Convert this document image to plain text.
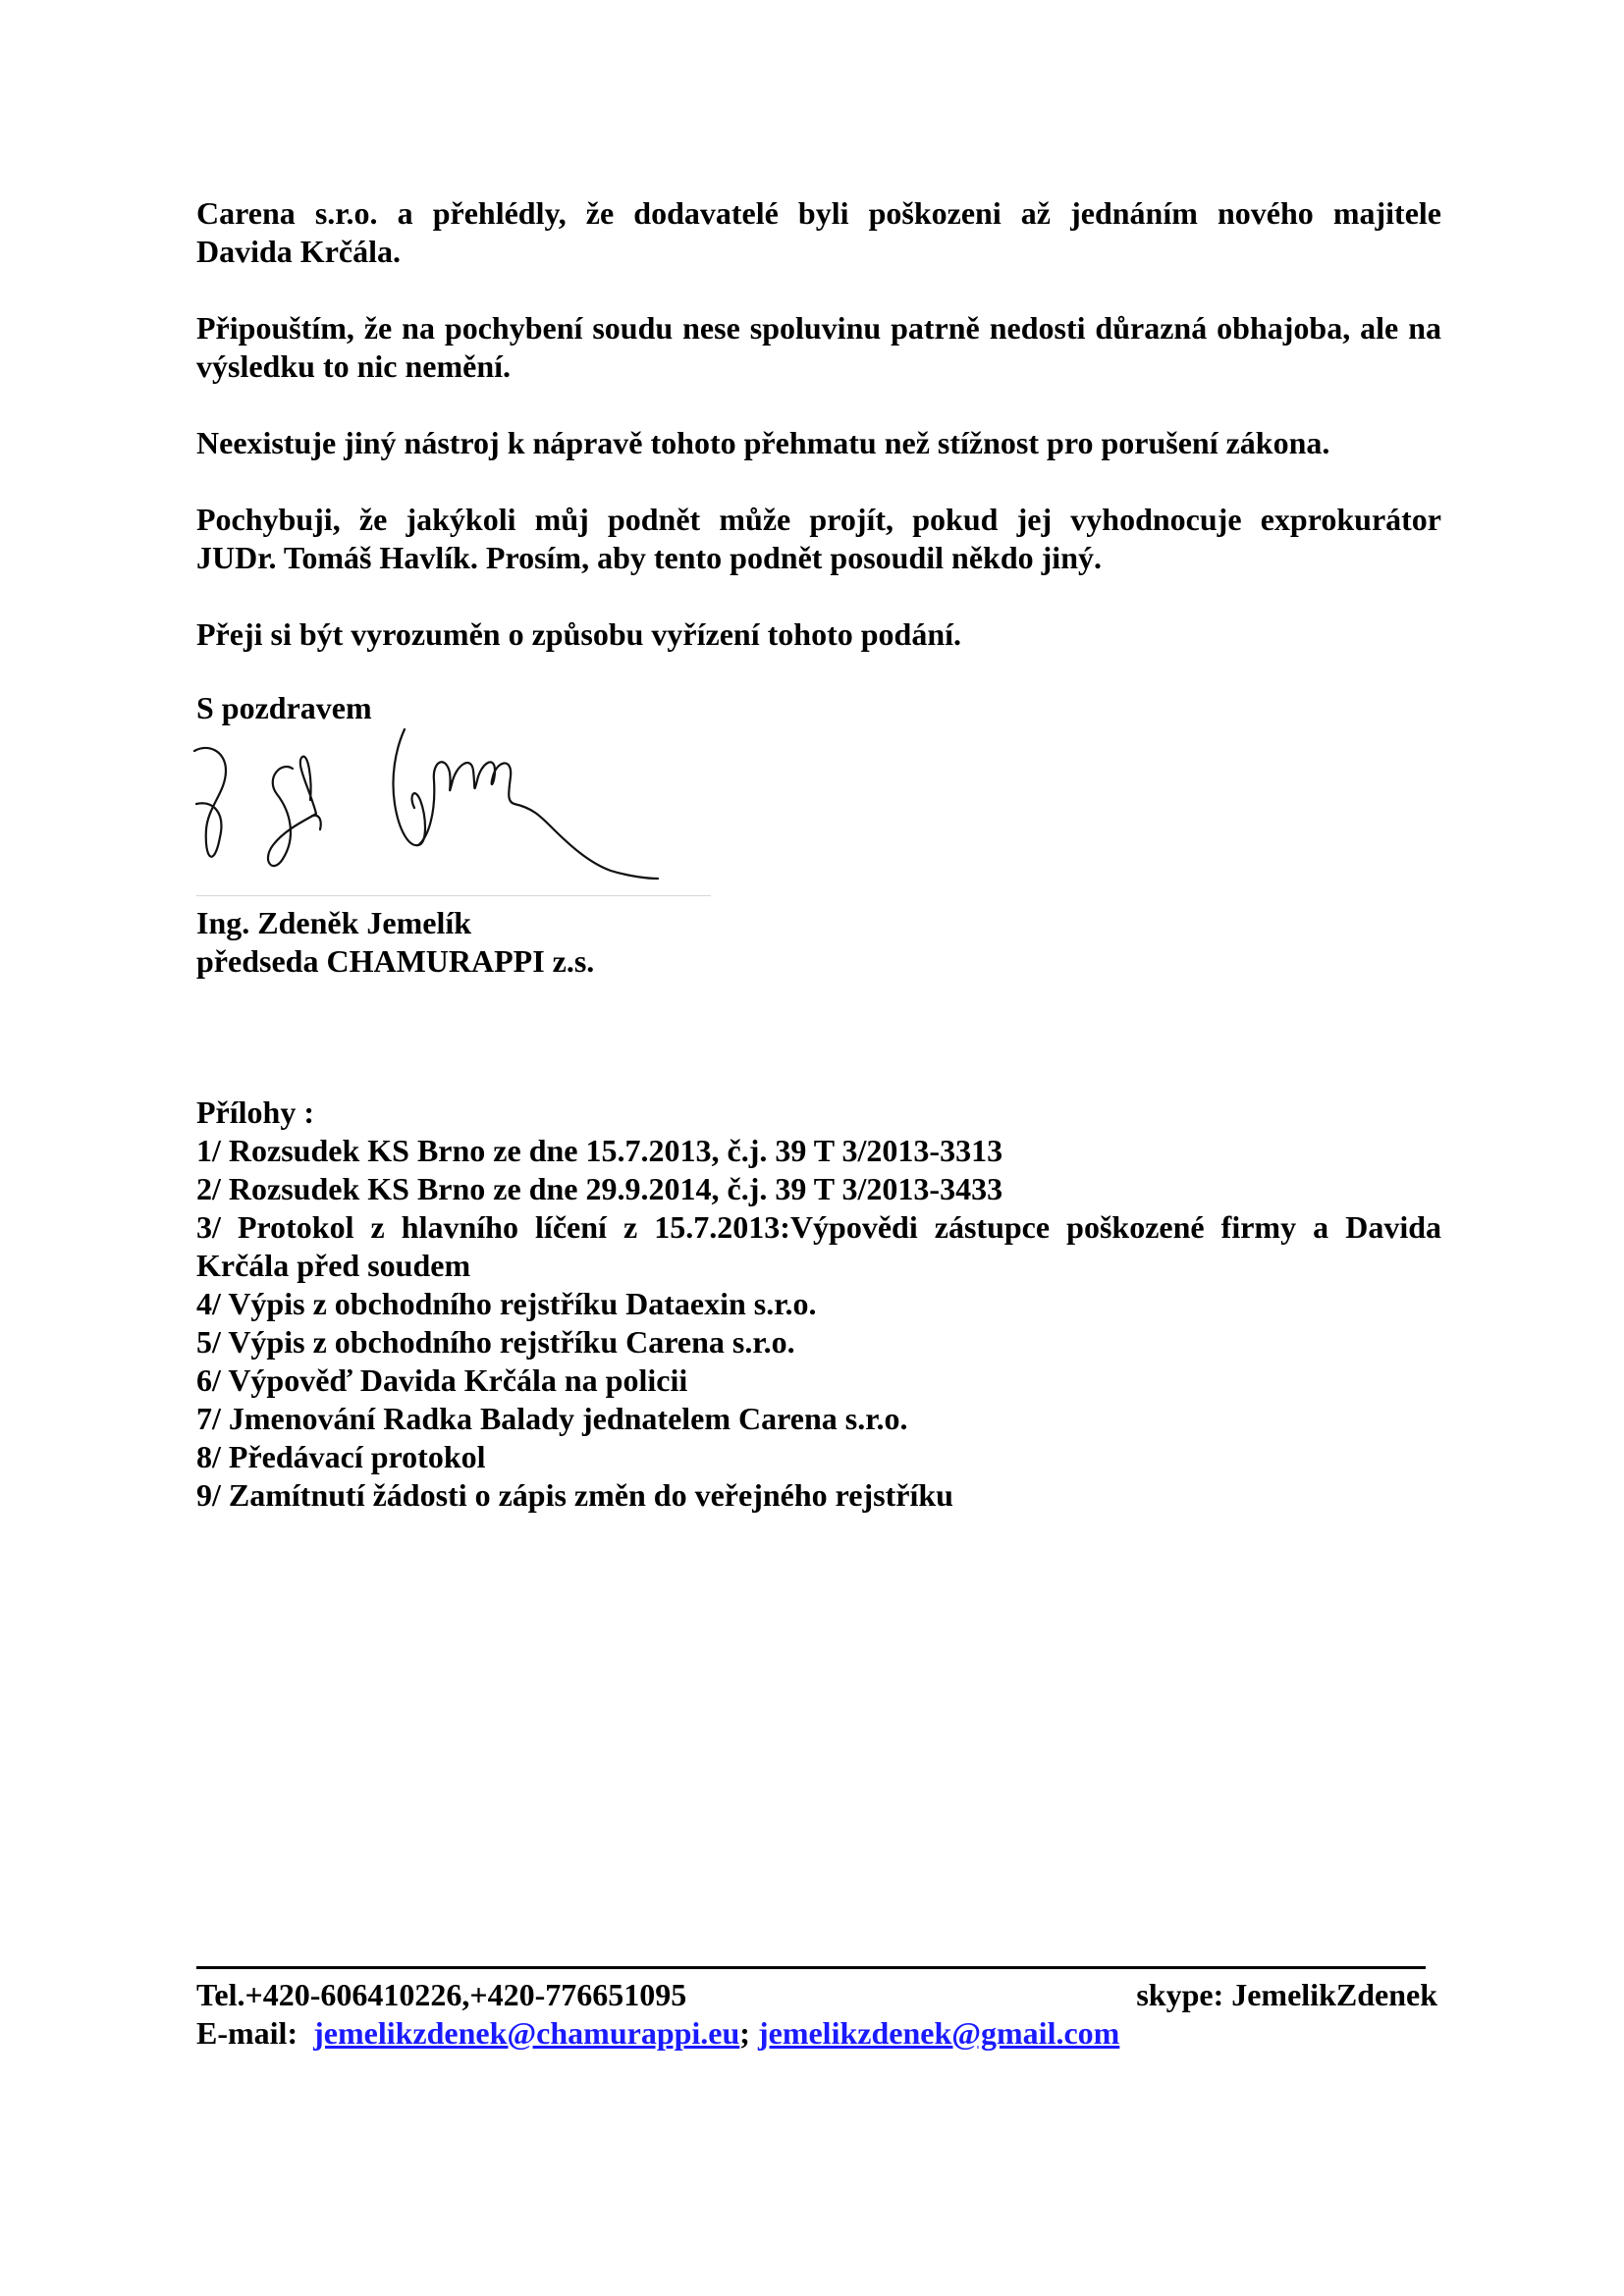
Carena s.r.o. a přehlédly, že dodavatelé byli poškozeni až jednáním nového majitele
Davida Krčála.
Připouštím, že na pochybení soudu nese spoluvinu patrně nedosti důrazná obhajoba, ale na výsledku to nic nemění.
Neexistuje jiný nástroj k nápravě tohoto přehmatu než stížnost pro porušení zákona.
Pochybuji, že jakýkoli můj podnět může projít, pokud jej vyhodnocuje exprokurátor
JUDr. Tomáš Havlík. Prosím, aby tento podnět posoudil někdo jiný.
Přeji si být vyrozuměn o způsobu vyřízení tohoto podání.
S pozdravem
Ing. Zdeněk Jemelík
předseda CHAMURAPPI z.s.
Přílohy :
1/ Rozsudek KS Brno ze dne 15.7.2013, č.j. 39 T 3/2013-3313
2/ Rozsudek KS Brno ze dne 29.9.2014, č.j. 39 T 3/2013-3433
3/ Protokol z hlavního líčení z 15.7.2013:Výpovědi zástupce poškozené firmy a Davida
Krčála před soudem
4/ Výpis z obchodního rejstříku Dataexin s.r.o.
5/ Výpis z obchodního rejstříku Carena s.r.o.
6/ Výpověď Davida Krčála na policii
7/ Jmenování Radka Balady jednatelem Carena s.r.o.
8/ Předávací protokol
9/ Zamítnutí žádosti o zápis změn do veřejného rejstříku
Tel.+420-606410226,+420-776651095	skype: JemelikZdenek
E-mail: jemelikzdenek@chamurappi.eu; jemelikzdenek@gmail.com
